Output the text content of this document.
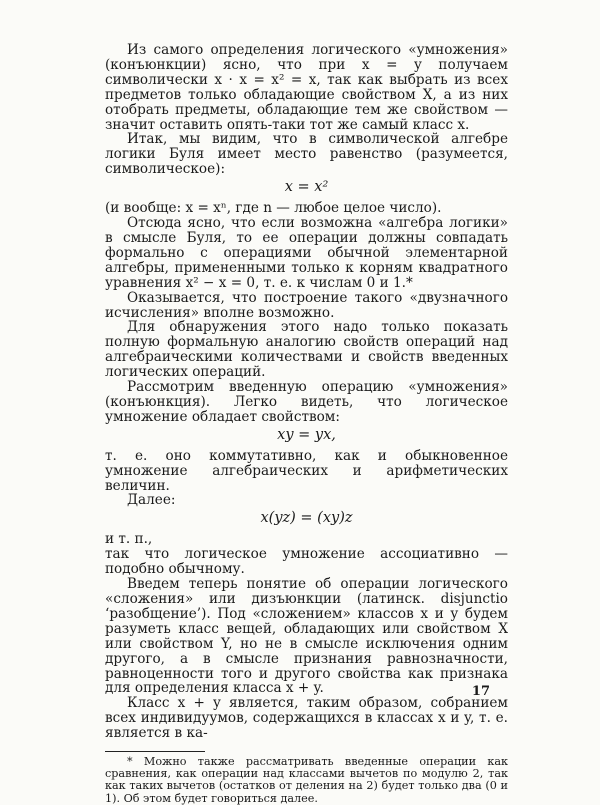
Из самого определения логического «умножения» (конъюнкции) ясно, что при x = y получаем символически x · x = x² = x, так как выбрать из всех предметов только обладающие свойством X, а из них отобрать предметы, обладающие тем же свойством — значит оставить опять-таки тот же самый класс x.

Итак, мы видим, что в символической алгебре логики Буля имеет место равенство (разумеется, символическое):

x = x²

(и вообще: x = xⁿ, где n — любое целое число).

Отсюда ясно, что если возможна «алгебра логики» в смысле Буля, то ее операции должны совпадать формально с операциями обычной элементарной алгебры, примененными только к корням квадратного уравнения x² − x = 0, т. е. к числам 0 и 1.*

Оказывается, что построение такого «двузначного исчисления» вполне возможно.

Для обнаружения этого надо только показать полную формальную аналогию свойств операций над алгебраическими количествами и свойств введенных логических операций.

Рассмотрим введенную операцию «умножения» (конъюнкция). Легко видеть, что логическое умножение обладает свойством:

xy = yx,

т. е. оно коммутативно, как и обыкновенное умножение алгебраических и арифметических величин.

Далее:

x(yz) = (xy)z

и т. п.,

так что логическое умножение ассоциативно — подобно обычному.

Введем теперь понятие об операции логического «сложения» или дизъюнкции (латинск. disjunctio ‘разобщение’). Под «сложением» классов x и y будем разуметь класс вещей, обладающих или свойством X или свойством Y, но не в смысле исключения одним другого, а в смысле признания равнозначности, равноценности того и другого свойства как признака для определения класса x + y.

Класс x + y является, таким образом, собранием всех индивидуумов, содержащихся в классах x и y, т. е. является в ка-

* Можно также рассматривать введенные операции как сравнения, как операции над классами вычетов по модулю 2, так как таких вычетов (остатков от деления на 2) будет только два (0 и 1). Об этом будет говориться далее.

17
